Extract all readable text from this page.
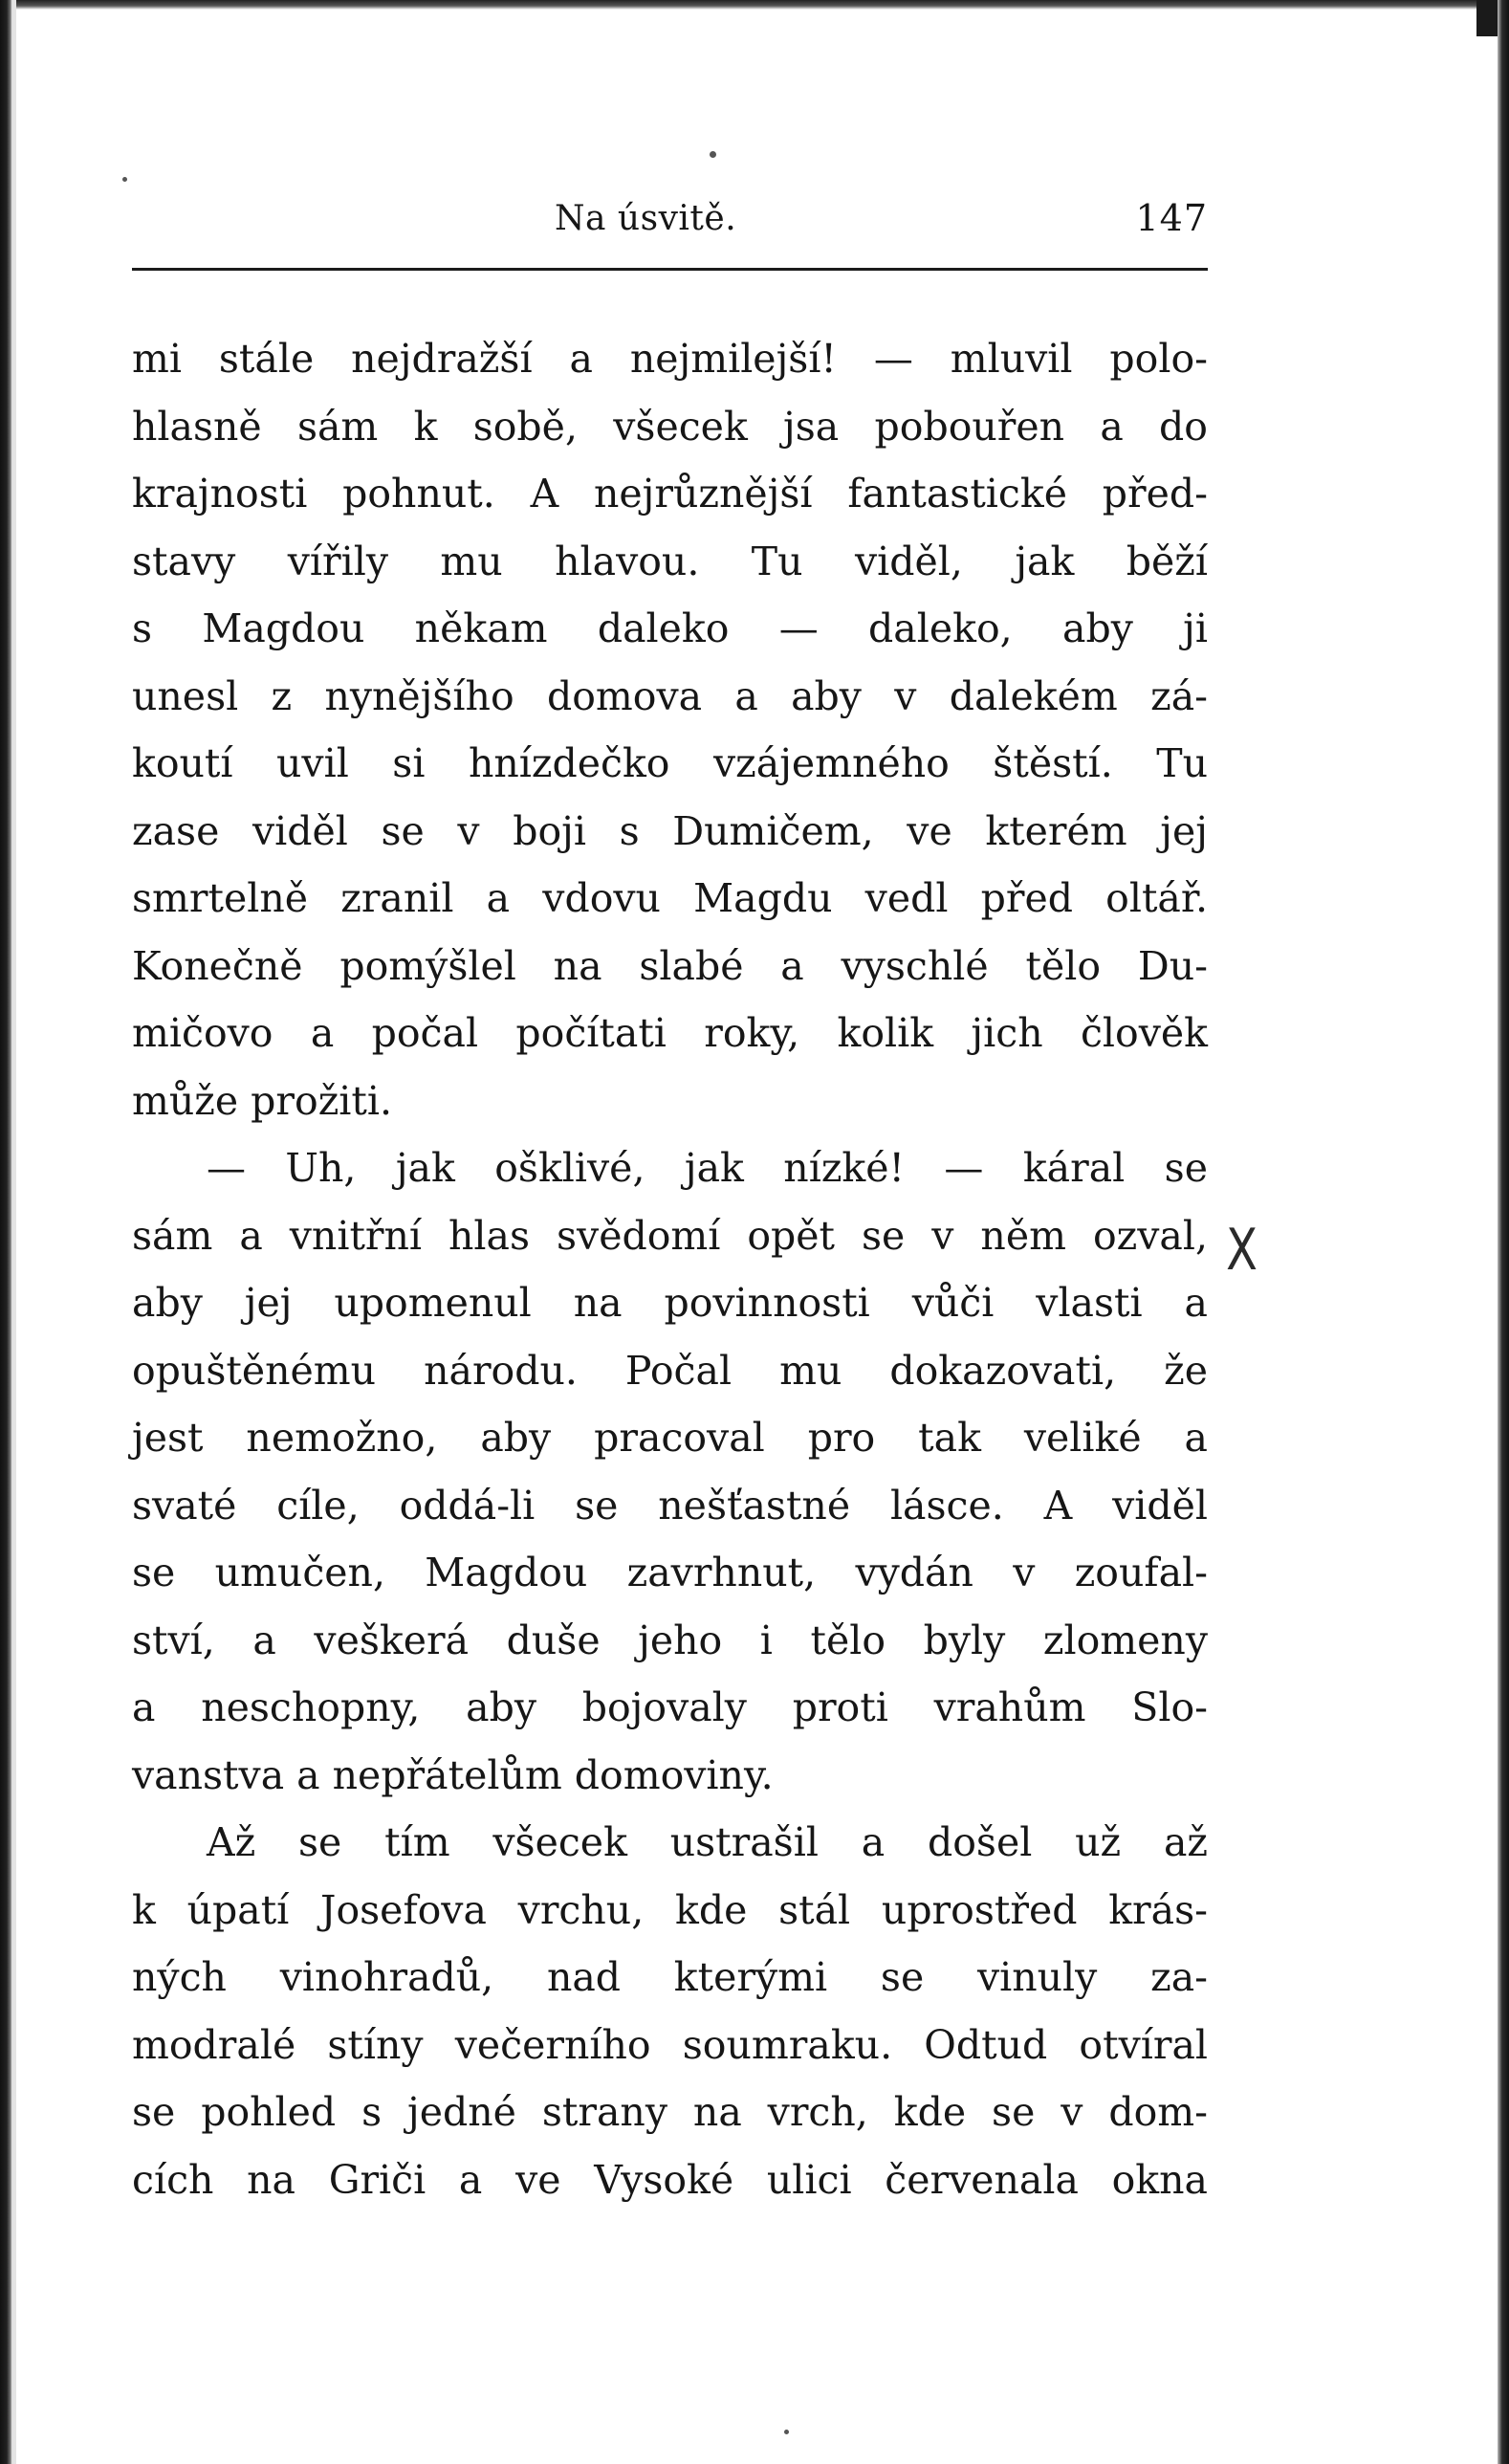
Na úsvitě.	147
X
mi stále nejdražší a nejmilejší! — mluvil polo-
hlasně sám k sobě, všecek jsa pobouřen a do
krajnosti pohnut. A nejrůznější fantastické před-
stavy vířily mu hlavou. Tu viděl, jak běží
s Magdou někam daleko — daleko, aby ji
unesl z nynějšího domova a aby v dalekém zá-
koutí uvil si hnízdečko vzájemného štěstí. Tu
zase viděl se v boji s Dumičem, ve kterém jej
smrtelně zranil a vdovu Magdu vedl před oltář.
Konečně pomýšlel na slabé a vyschlé tělo Du-
mičovo a počal počítati roky, kolik jich člověk
může prožiti.
— Uh, jak ošklivé, jak nízké! — káral se
sám a vnitřní hlas svědomí opět se v něm ozval,
aby jej upomenul na povinnosti vůči vlasti a
opuštěnému národu. Počal mu dokazovati, že
jest nemožno, aby pracoval pro tak veliké a
svaté cíle, oddá-li se nešťastné lásce. A viděl
se umučen, Magdou zavrhnut, vydán v zoufal-
ství, a veškerá duše jeho i tělo byly zlomeny
a neschopny, aby bojovaly proti vrahům Slo-
vanstva a nepřátelům domoviny.
Až se tím všecek ustrašil a došel už až
k úpatí Josefova vrchu, kde stál uprostřed krás-
ných vinohradů, nad kterými se vinuly za-
modralé stíny večerního soumraku. Odtud otvíral
se pohled s jedné strany na vrch, kde se v dom-
cích na Griči a ve Vysoké ulici červenala okna
